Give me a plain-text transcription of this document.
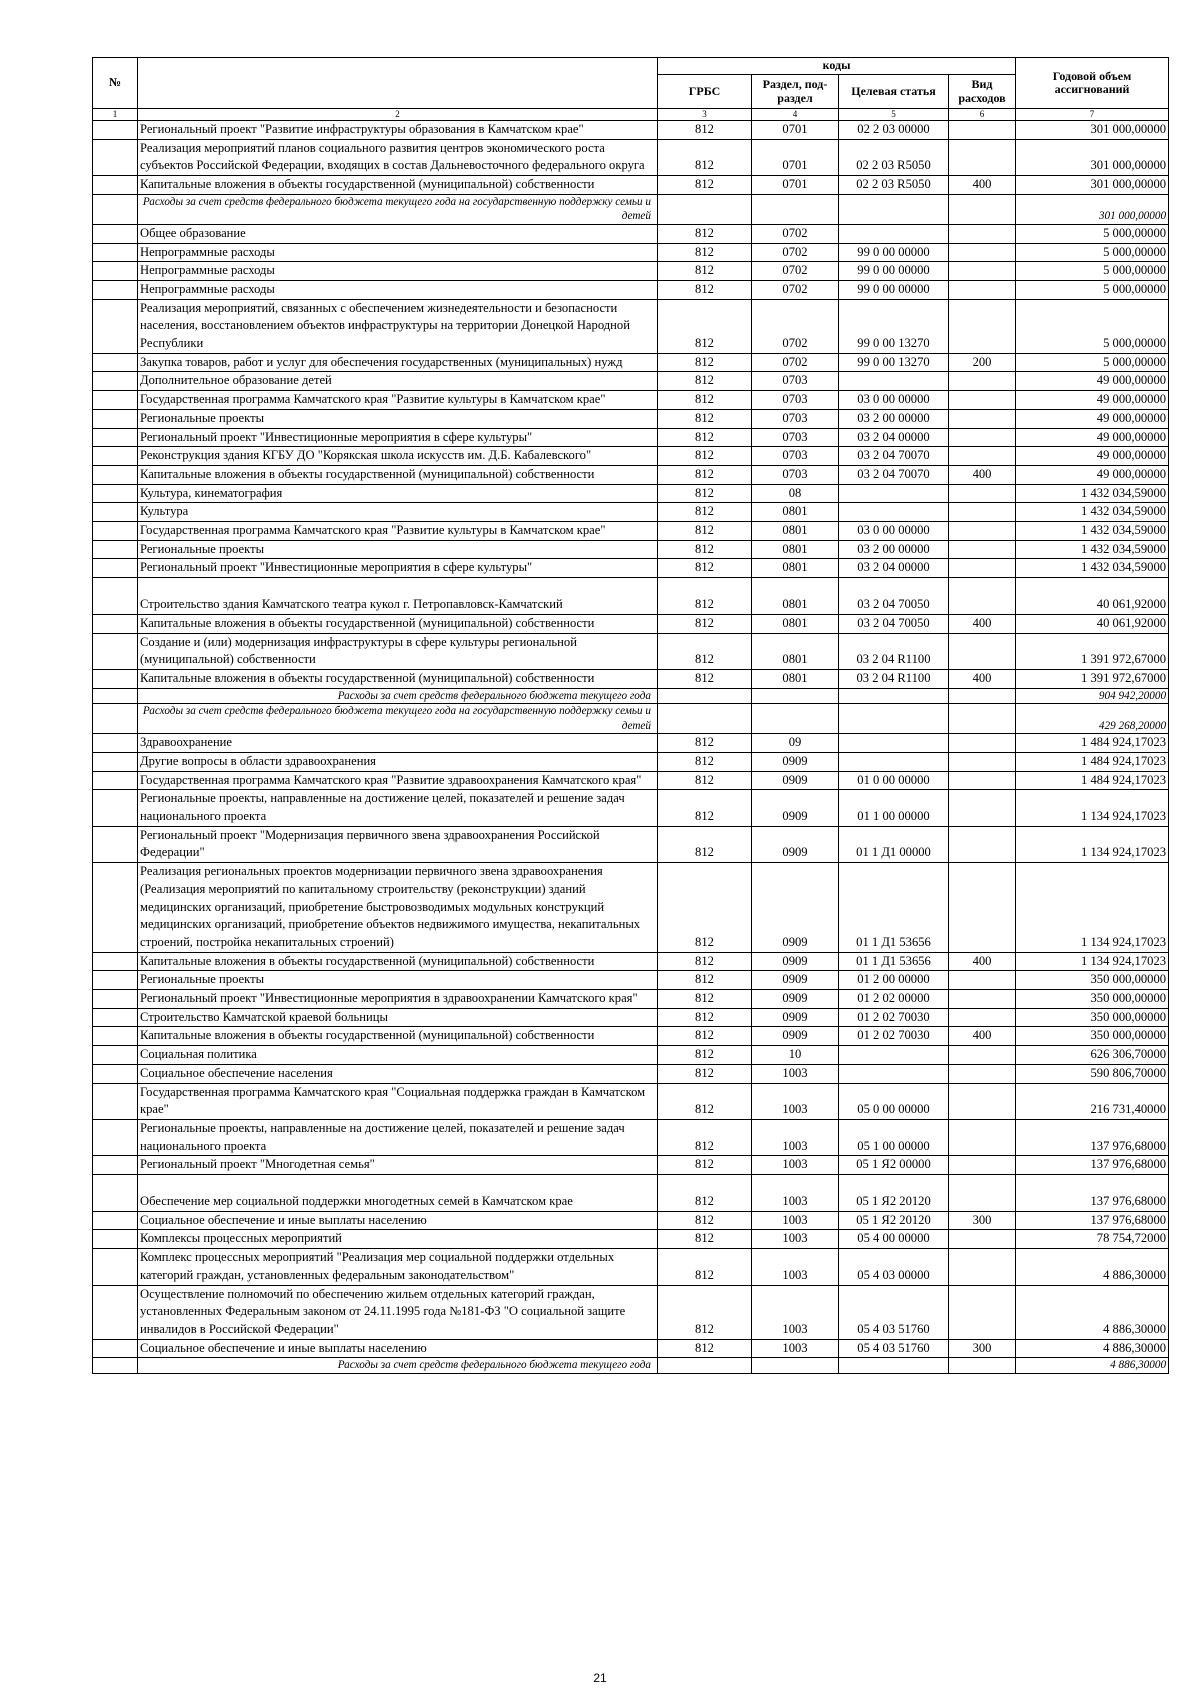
№		коды				Годовой объем ассигнований
		ГРБС	Раздел, под-раздел	Целевая статья	Вид расходов	
1	2	3	4	5	6	7
	Региональный проект "Развитие инфраструктуры образования в Камчатском крае"	812	0701	02 2 03 00000		301 000,00000
	Реализация мероприятий планов социального развития центров экономического роста субъектов Российской Федерации, входящих в состав Дальневосточного федерального округа	812	0701	02 2 03 R5050		301 000,00000
	Капитальные вложения в объекты государственной (муниципальной) собственности	812	0701	02 2 03 R5050	400	301 000,00000
	Расходы за счет средств федерального бюджета текущего года на государственную поддержку семьи и детей					301 000,00000
	Общее образование	812	0702			5 000,00000
	Непрограммные расходы	812	0702	99 0 00 00000		5 000,00000
	Непрограммные расходы	812	0702	99 0 00 00000		5 000,00000
	Непрограммные расходы	812	0702	99 0 00 00000		5 000,00000
	Реализация мероприятий, связанных с обеспечением жизнедеятельности и безопасности населения, восстановлением объектов инфраструктуры на территории Донецкой Народной Республики	812	0702	99 0 00 13270		5 000,00000
	Закупка товаров, работ и услуг для обеспечения государственных (муниципальных) нужд	812	0702	99 0 00 13270	200	5 000,00000
	Дополнительное образование детей	812	0703			49 000,00000
	Государственная программа Камчатского края "Развитие культуры в Камчатском крае"	812	0703	03 0 00 00000		49 000,00000
	Региональные проекты	812	0703	03 2 00 00000		49 000,00000
	Региональный проект "Инвестиционные мероприятия в сфере культуры"	812	0703	03 2 04 00000		49 000,00000
	Реконструкция здания КГБУ ДО "Корякская школа искусств им. Д.Б. Кабалевского"	812	0703	03 2 04 70070		49 000,00000
	Капитальные вложения в объекты государственной (муниципальной) собственности	812	0703	03 2 04 70070	400	49 000,00000
	Культура, кинематография	812	08			1 432 034,59000
	Культура	812	0801			1 432 034,59000
	Государственная программа Камчатского края "Развитие культуры в Камчатском крае"	812	0801	03 0 00 00000		1 432 034,59000
	Региональные проекты	812	0801	03 2 00 00000		1 432 034,59000
	Региональный проект "Инвестиционные мероприятия в сфере культуры"	812	0801	03 2 04 00000		1 432 034,59000
	Строительство здания Камчатского театра кукол г. Петропавловск-Камчатский	812	0801	03 2 04 70050		40 061,92000
	Капитальные вложения в объекты государственной (муниципальной) собственности	812	0801	03 2 04 70050	400	40 061,92000
	Создание и (или) модернизация инфраструктуры в сфере культуры региональной (муниципальной) собственности	812	0801	03 2 04 R1100		1 391 972,67000
	Капитальные вложения в объекты государственной (муниципальной) собственности	812	0801	03 2 04 R1100	400	1 391 972,67000
	Расходы за счет средств федерального бюджета текущего года					904 942,20000
	Расходы за счет средств федерального бюджета текущего года на государственную поддержку семьи и детей					429 268,20000
	Здравоохранение	812	09			1 484 924,17023
	Другие вопросы в области здравоохранения	812	0909			1 484 924,17023
	Государственная программа Камчатского края "Развитие здравоохранения Камчатского края"	812	0909	01 0 00 00000		1 484 924,17023
	Региональные проекты, направленные на достижение целей, показателей и решение задач национального проекта	812	0909	01 1 00 00000		1 134 924,17023
	Региональный проект "Модернизация первичного звена здравоохранения Российской Федерации"	812	0909	01 1 Д1 00000		1 134 924,17023
	Реализация региональных проектов модернизации первичного звена здравоохранения (Реализация мероприятий по капитальному строительству (реконструкции) зданий медицинских организаций, приобретение быстровозводимых модульных конструкций медицинских организаций, приобретение объектов недвижимого имущества, некапитальных строений, постройка некапитальных строений)	812	0909	01 1 Д1 53656		1 134 924,17023
	Капитальные вложения в объекты государственной (муниципальной) собственности	812	0909	01 1 Д1 53656	400	1 134 924,17023
	Региональные проекты	812	0909	01 2 00 00000		350 000,00000
	Региональный проект "Инвестиционные мероприятия в здравоохранении Камчатского края"	812	0909	01 2 02 00000		350 000,00000
	Строительство Камчатской краевой больницы	812	0909	01 2 02 70030		350 000,00000
	Капитальные вложения в объекты государственной (муниципальной) собственности	812	0909	01 2 02 70030	400	350 000,00000
	Социальная политика	812	10			626 306,70000
	Социальное обеспечение населения	812	1003			590 806,70000
	Государственная программа Камчатского края "Социальная поддержка граждан в Камчатском крае"	812	1003	05 0 00 00000		216 731,40000
	Региональные проекты, направленные на достижение целей, показателей и решение задач национального проекта	812	1003	05 1 00 00000		137 976,68000
	Региональный проект "Многодетная семья"	812	1003	05 1 Я2 00000		137 976,68000
	Обеспечение мер социальной поддержки многодетных семей в Камчатском крае	812	1003	05 1 Я2 20120		137 976,68000
	Социальное обеспечение и иные выплаты населению	812	1003	05 1 Я2 20120	300	137 976,68000
	Комплексы процессных мероприятий	812	1003	05 4 00 00000		78 754,72000
	Комплекс процессных мероприятий "Реализация мер социальной поддержки отдельных категорий граждан, установленных федеральным законодательством"	812	1003	05 4 03 00000		4 886,30000
	Осуществление полномочий по обеспечению жильем отдельных категорий граждан, установленных Федеральным законом от 24.11.1995 года №181-ФЗ "О социальной защите инвалидов в Российской Федерации"	812	1003	05 4 03 51760		4 886,30000
	Социальное обеспечение и иные выплаты населению	812	1003	05 4 03 51760	300	4 886,30000
	Расходы за счет средств федерального бюджета текущего года					4 886,30000
21
